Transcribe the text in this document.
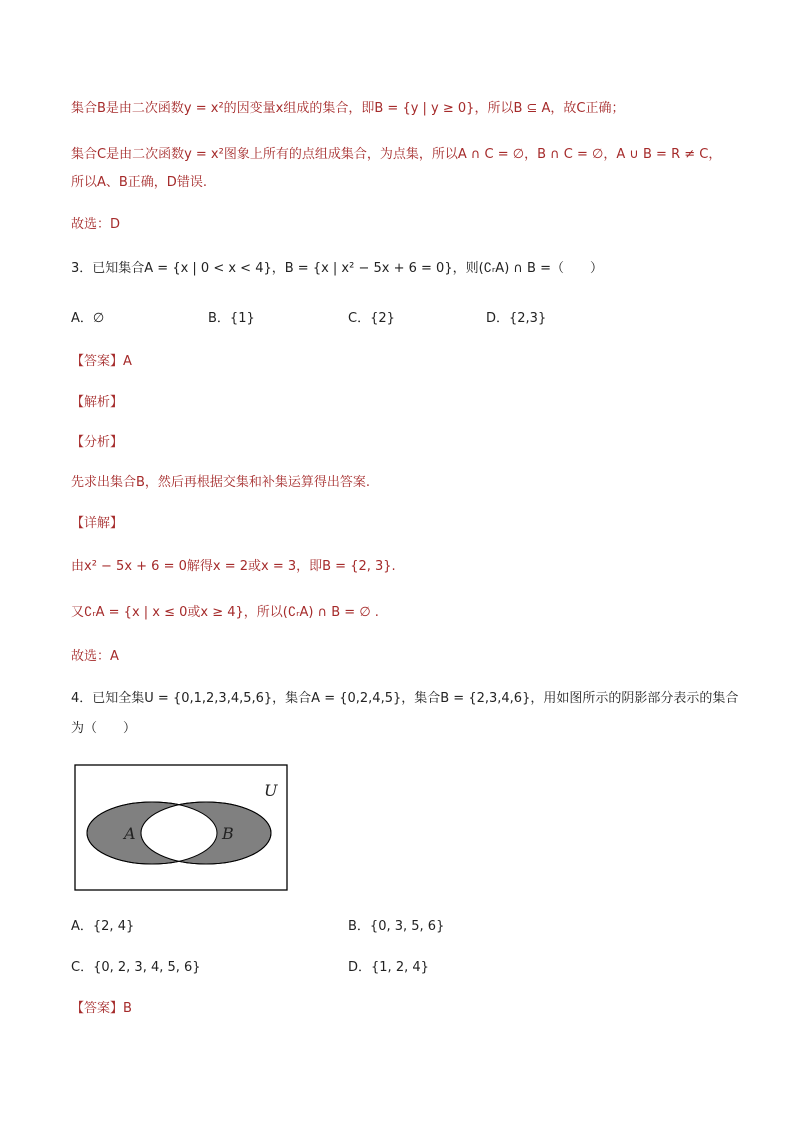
集合B是由二次函数y = x²的因变量x组成的集合，即B = {y | y ≥ 0}，所以B ⊆ A，故C正确；
集合C是由二次函数y = x²图象上所有的点组成集合，为点集，所以A ∩ C = ∅，B ∩ C = ∅，A ∪ B = R ≠ C，
所以A、B正确，D错误.
故选：D
3．已知集合A = {x | 0 < x < 4}，B = {x | x² − 5x + 6 = 0}，则(∁ᵣA) ∩ B =（　　）
A．∅	B．{1}	C．{2}	D．{2,3}
【答案】A
【解析】
【分析】
先求出集合B，然后再根据交集和补集运算得出答案.
【详解】
由x² − 5x + 6 = 0解得x = 2或x = 3，即B = {2, 3}.
又∁ᵣA = {x | x ≤ 0或x ≥ 4}，所以(∁ᵣA) ∩ B = ∅ .
故选：A
4．已知全集U = {0,1,2,3,4,5,6}，集合A = {0,2,4,5}，集合B = {2,3,4,6}，用如图所示的阴影部分表示的集合
为（　　）
U
A	B
A．{2, 4}	B．{0, 3, 5, 6}
C．{0, 2, 3, 4, 5, 6}	D．{1, 2, 4}
【答案】B
